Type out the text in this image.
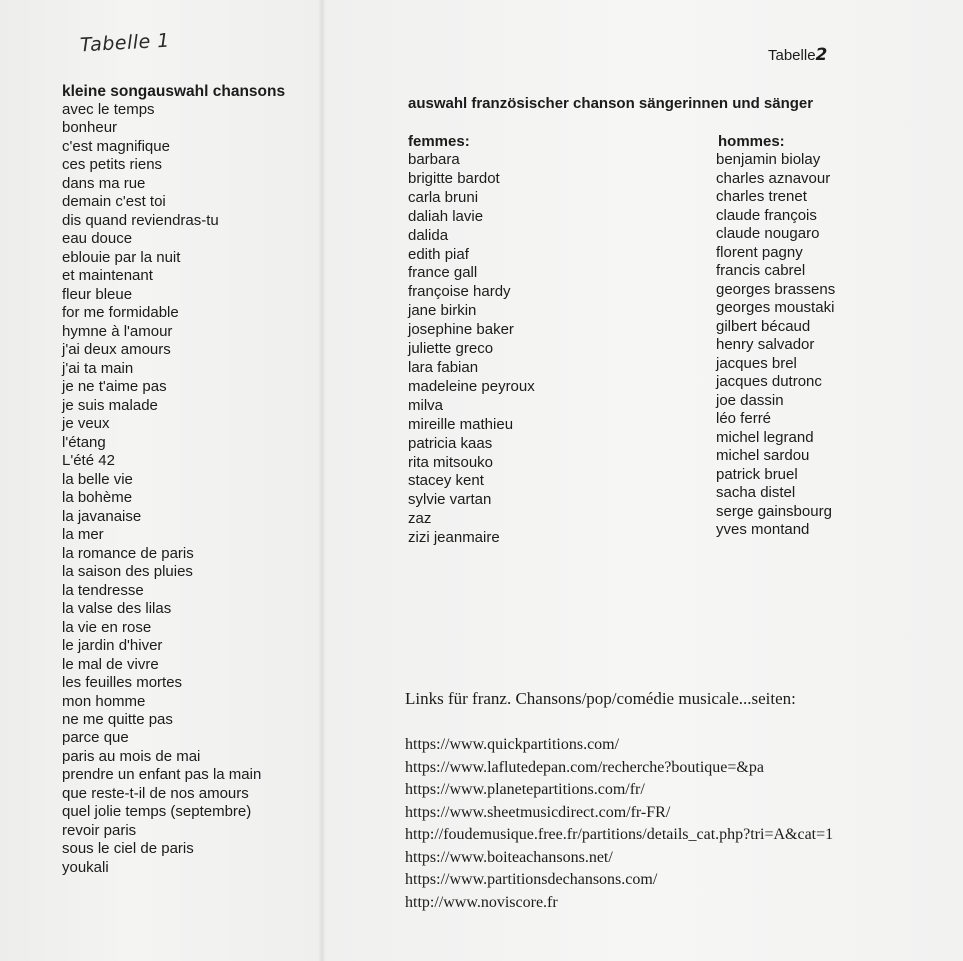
Tabelle 1
kleine songauswahl chansons
avec le temps
bonheur
c'est magnifique
ces petits riens
dans ma rue
demain c'est toi
dis quand reviendras-tu
eau douce
eblouie par la nuit
et maintenant
fleur bleue
for me formidable
hymne à l'amour
j'ai deux amours
j'ai ta main
je ne t'aime pas
je suis malade
je veux
l'étang
L'été 42
la belle vie
la bohème
la javanaise
la mer
la romance de paris
la saison des pluies
la tendresse
la valse des lilas
la vie en rose
le jardin d'hiver
le mal de vivre
les feuilles mortes
mon homme
ne me quitte pas
parce que
paris au mois de mai
prendre un enfant pas la main
que reste-t-il de nos amours
quel jolie temps (septembre)
revoir paris
sous le ciel de paris
youkali
Tabelle2
auswahl französischer chanson sängerinnen und sänger
femmes:
barbara
brigitte bardot
carla bruni
daliah lavie
dalida
edith piaf
france gall
françoise hardy
jane birkin
josephine baker
juliette greco
lara fabian
madeleine peyroux
milva
mireille mathieu
patricia kaas
rita mitsouko
stacey kent
sylvie vartan
zaz
zizi jeanmaire
hommes:
benjamin biolay
charles aznavour
charles trenet
claude françois
claude nougaro
florent pagny
francis cabrel
georges brassens
georges moustaki
gilbert bécaud
henry salvador
jacques brel
jacques dutronc
joe dassin
léo ferré
michel legrand
michel sardou
patrick bruel
sacha distel
serge gainsbourg
yves montand
Links für franz. Chansons/pop/comédie musicale...seiten:
https://www.quickpartitions.com/
https://www.laflutedepan.com/recherche?boutique=&pa
https://www.planetepartitions.com/fr/
https://www.sheetmusicdirect.com/fr-FR/
http://foudemusique.free.fr/partitions/details_cat.php?tri=A&cat=1
https://www.boiteachansons.net/
https://www.partitionsdechansons.com/
http://www.noviscore.fr
